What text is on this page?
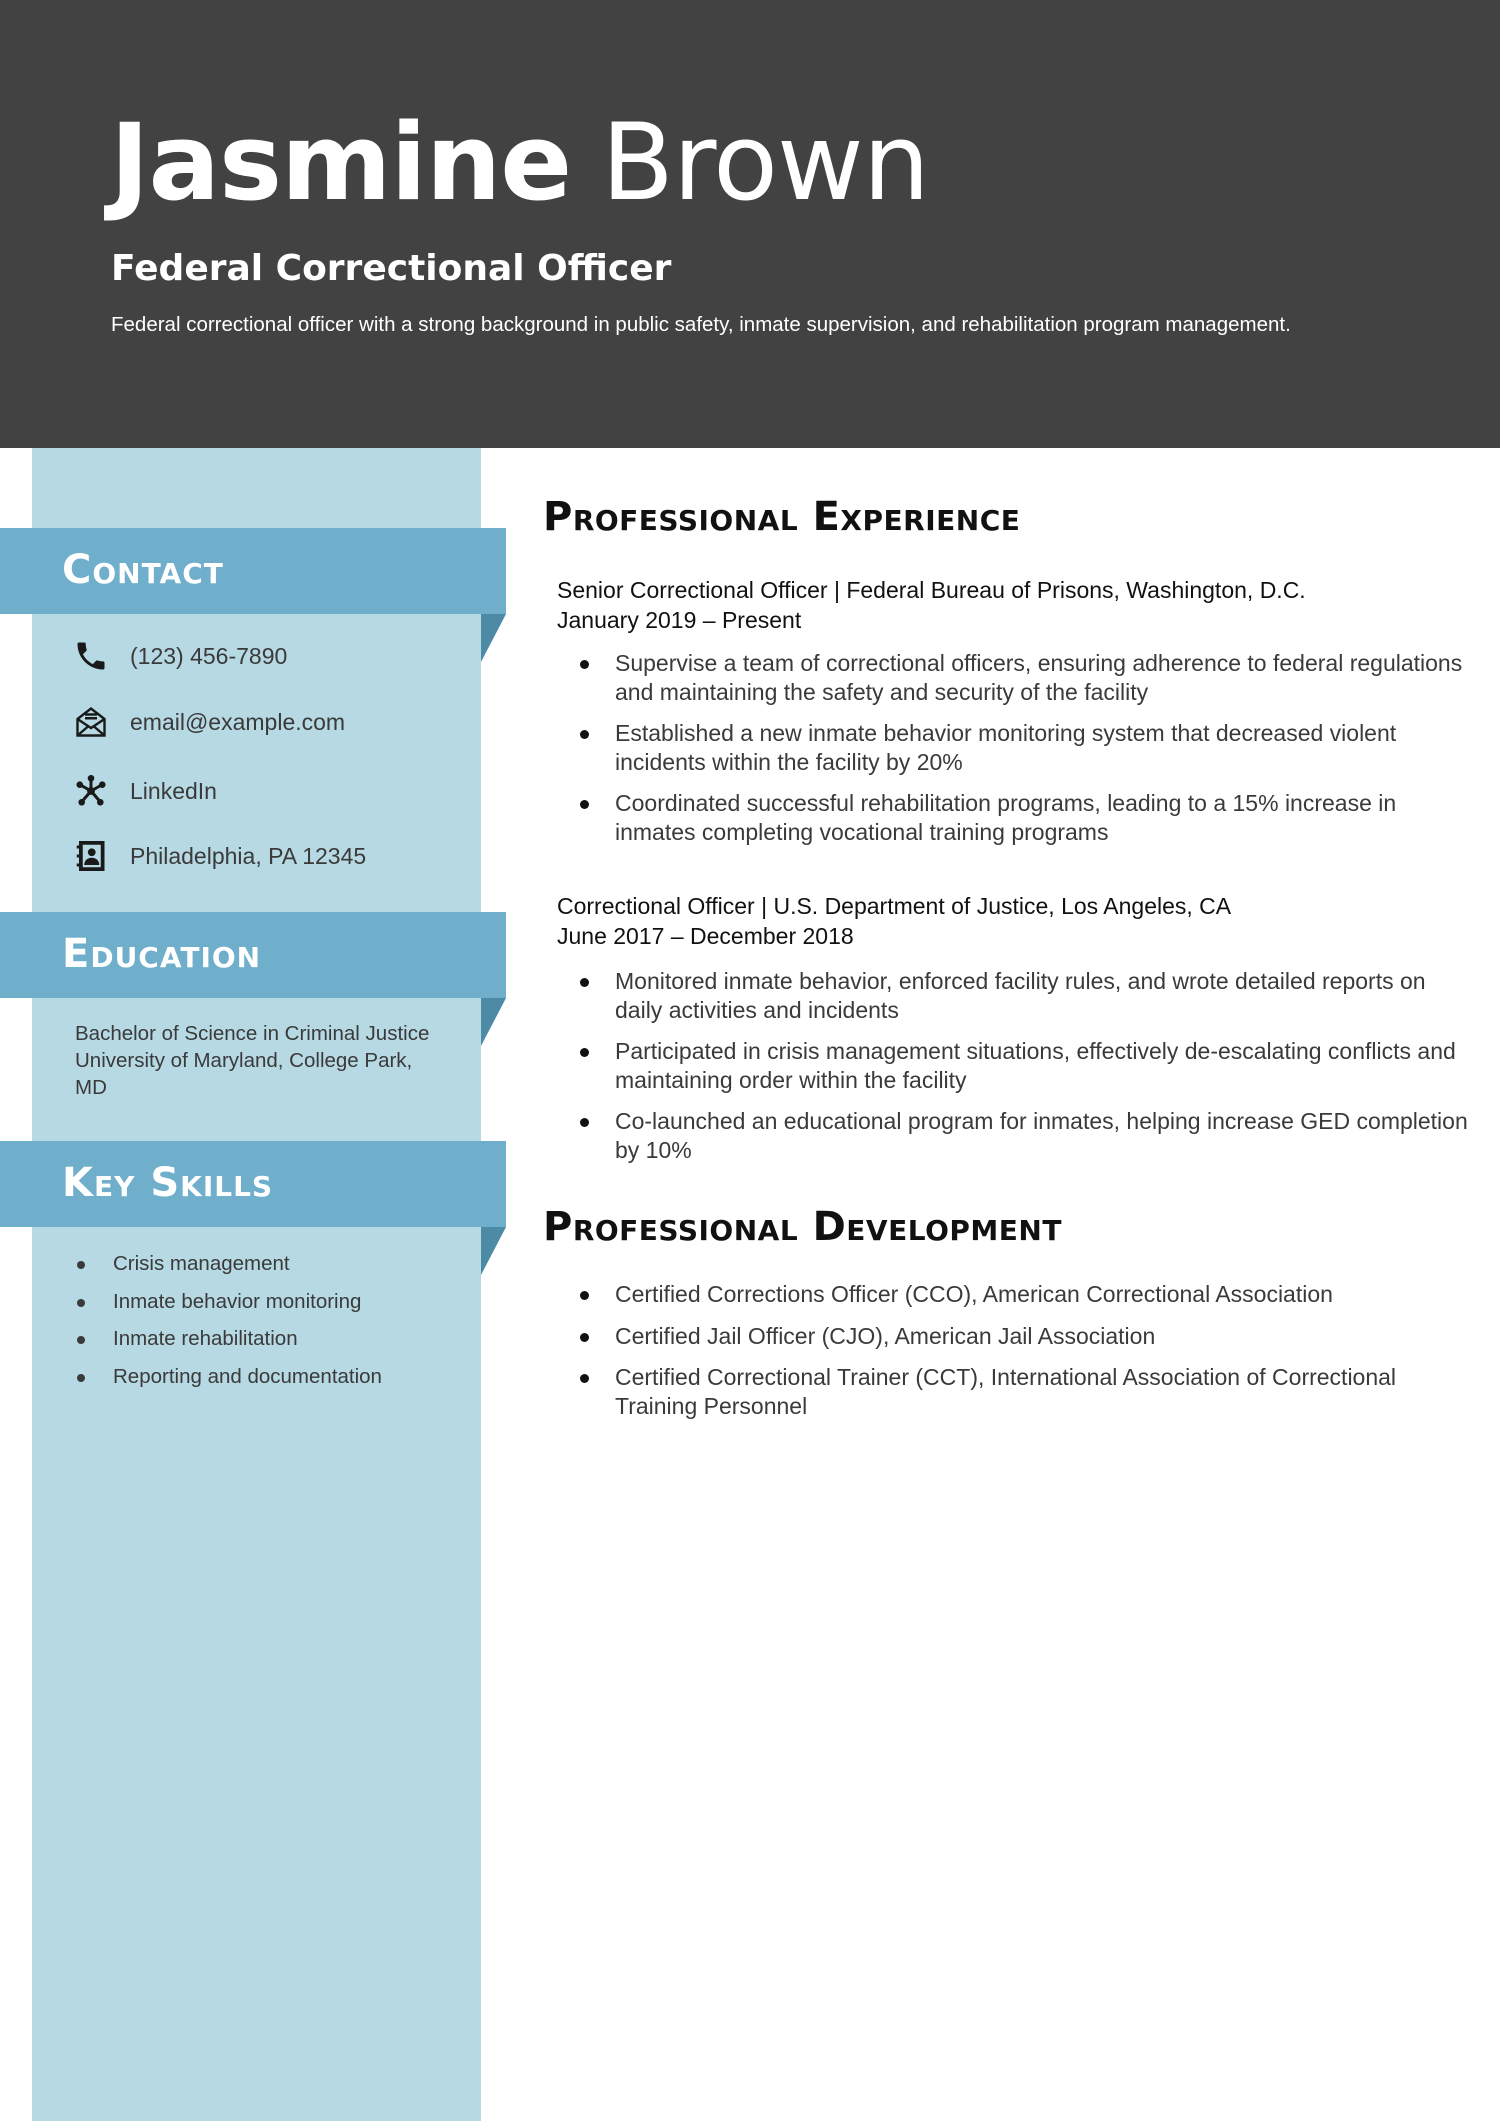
Jasmine Brown
Federal Correctional Officer
Federal correctional officer with a strong background in public safety, inmate supervision, and rehabilitation program management.
Contact
(123) 456-7890
email@example.com
LinkedIn
Philadelphia, PA 12345
Education
Bachelor of Science in Criminal Justice
University of Maryland, College Park,
MD
Key Skills
Crisis management
Inmate behavior monitoring
Inmate rehabilitation
Reporting and documentation
Professional Experience
Senior Correctional Officer | Federal Bureau of Prisons, Washington, D.C.
January 2019 – Present
Supervise a team of correctional officers, ensuring adherence to federal regulations and maintaining the safety and security of the facility
Established a new inmate behavior monitoring system that decreased violent incidents within the facility by 20%
Coordinated successful rehabilitation programs, leading to a 15% increase in inmates completing vocational training programs
Correctional Officer | U.S. Department of Justice, Los Angeles, CA
June 2017 – December 2018
Monitored inmate behavior, enforced facility rules, and wrote detailed reports on daily activities and incidents
Participated in crisis management situations, effectively de-escalating conflicts and maintaining order within the facility
Co-launched an educational program for inmates, helping increase GED completion by 10%
Professional Development
Certified Corrections Officer (CCO), American Correctional Association
Certified Jail Officer (CJO), American Jail Association
Certified Correctional Trainer (CCT), International Association of Correctional Training Personnel
